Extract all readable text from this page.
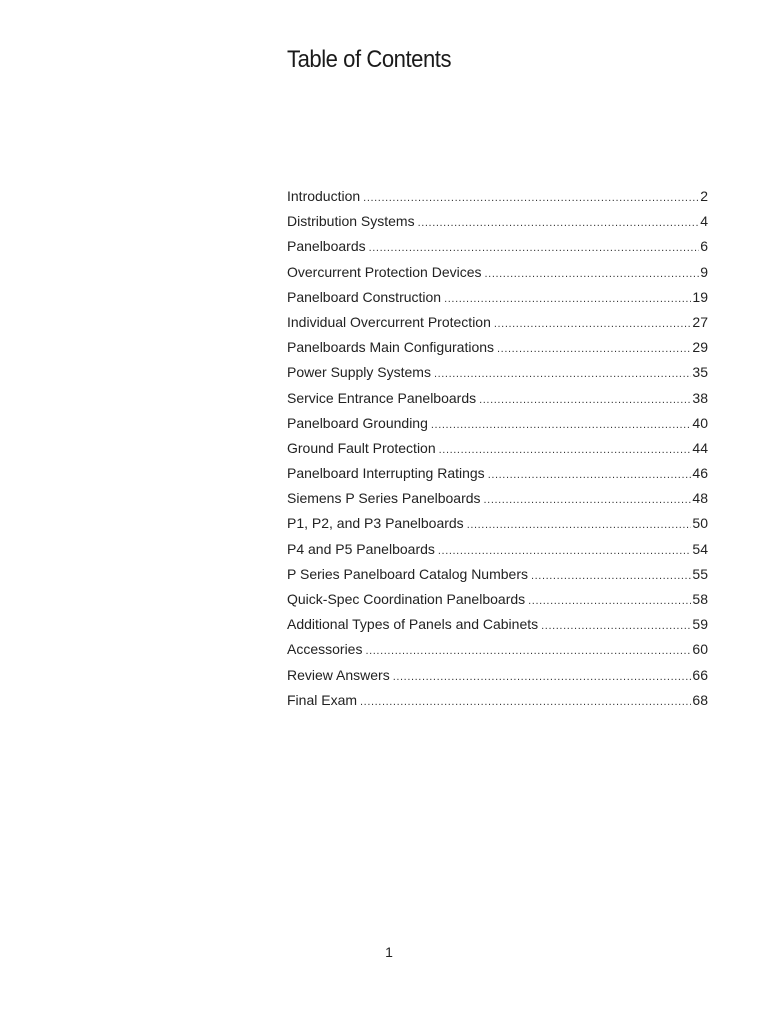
Table of Contents
Introduction .....	2
Distribution Systems .....	4
Panelboards .....	6
Overcurrent Protection Devices .....	9
Panelboard Construction .....	19
Individual Overcurrent Protection .....	27
Panelboards Main Configurations .....	29
Power Supply Systems .....	35
Service Entrance Panelboards .....	38
Panelboard Grounding .....	40
Ground Fault Protection .....	44
Panelboard Interrupting Ratings .....	46
Siemens P Series Panelboards .....	48
P1, P2, and P3 Panelboards .....	50
P4 and P5 Panelboards .....	54
P Series Panelboard Catalog Numbers .....	55
Quick-Spec Coordination Panelboards .....	58
Additional Types of Panels and Cabinets .....	59
Accessories .....	60
Review Answers .....	66
Final Exam .....	68
1
